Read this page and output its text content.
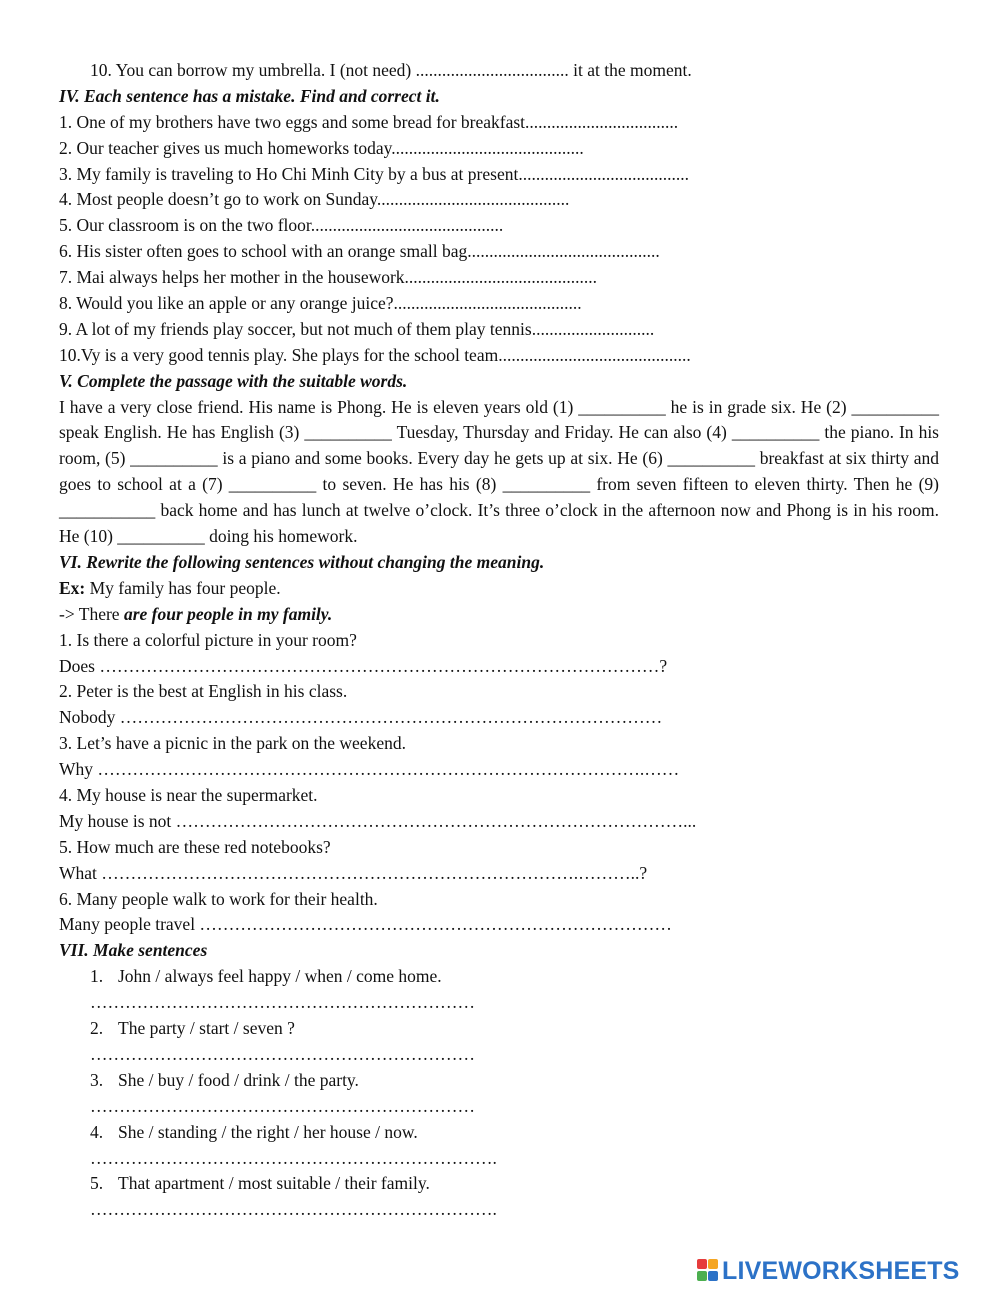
10. You can borrow my umbrella. I (not need) ................................... it at the moment.
IV. Each sentence has a mistake. Find and correct it.
1. One of my brothers have two eggs and some bread for breakfast...................................
2. Our teacher gives us much homeworks today............................................
3. My family is traveling to Ho Chi Minh City by a bus at present.......................................
4. Most people doesn’t go to work on Sunday............................................
5. Our classroom is on the two floor............................................
6. His sister often goes to school with an orange small bag............................................
7. Mai always helps her mother in the housework............................................
8. Would you like an apple or any orange juice?...........................................
9. A lot of my friends play soccer, but not much of them play tennis............................
10.Vy is a very good tennis play. She plays for the school team............................................
V. Complete the passage with the suitable words.
I have a very close friend. His name is Phong. He is eleven years old (1) __________ he is in grade six. He (2) __________ speak English. He has English (3) __________ Tuesday, Thursday and Friday. He can also (4) __________ the piano. In his room, (5) __________ is a piano and some books. Every day he gets up at six. He (6) __________ breakfast at six thirty and goes to school at a (7) __________ to seven. He has his (8) __________ from seven fifteen to eleven thirty. Then he (9) ___________ back home and has lunch at twelve o’clock. It’s three o’clock in the afternoon now and Phong is in his room. He (10) __________ doing his homework.
VI. Rewrite the following sentences without changing the meaning.
Ex: My family has four people.
-> There are four people in my family.
1. Is there a colorful picture in your room?
Does ……………………………………………………………………………………?
2. Peter is the best at English in his class.
Nobody …………………………………………………………………………………
3. Let’s have a picnic in the park on the weekend.
Why ………………………………………………………………………………….……
4. My house is near the supermarket.
My house is not ……………………………………………………………………………...
5. How much are these red notebooks?
What ……………………………………………………………………….………..?
6. Many people walk to work for their health.
Many people travel ………………………………………………………………………
VII. Make sentences
1. John / always feel happy / when / come home.
…………………………………………………………
2. The party / start / seven ?
…………………………………………………………
3. She / buy / food / drink / the party.
…………………………………………………………
4. She / standing / the right / her house / now.
…………………………………………………………….
5. That apartment / most suitable / their family.
…………………………………………………………….
LIVEWORKSHEETS
